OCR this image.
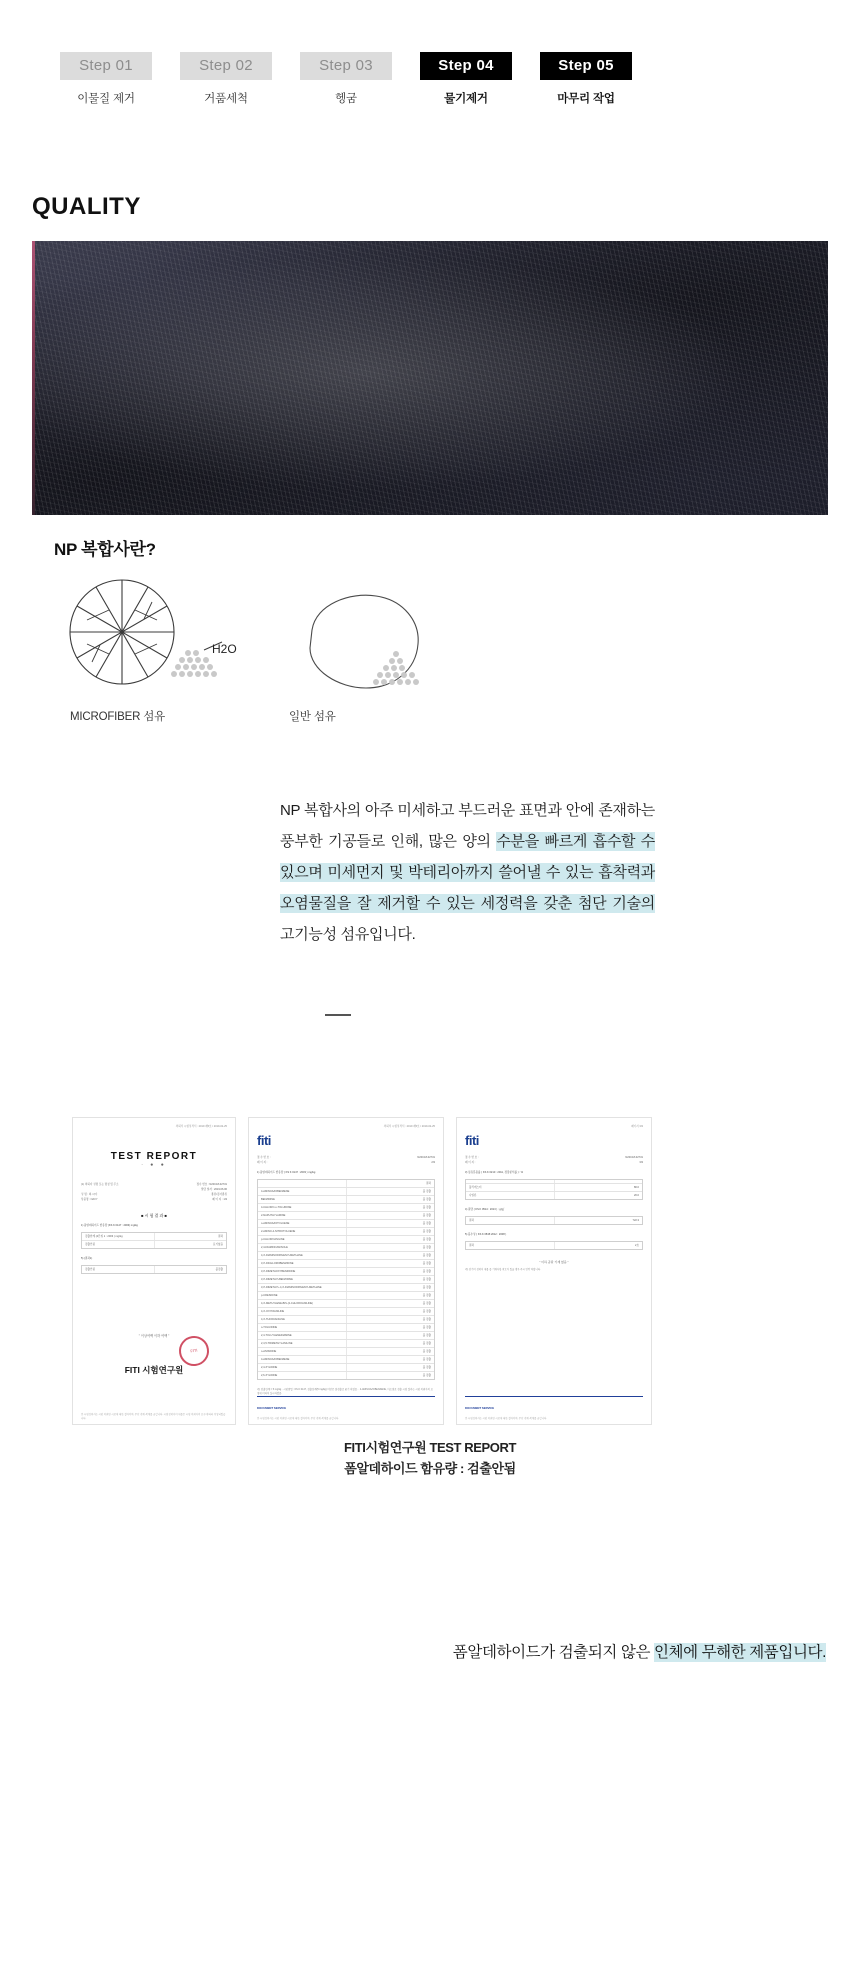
Step 01
이물질 제거
Step 02
거품세척
Step 03
헹굼
Step 04
물기제거
Step 05
마무리 작업
QUALITY
NP 복합사란?
H2O
MICROFIBER 섬유	일반 섬유
NP 복합사의 아주 미세하고 부드러운 표면과 안에 존재하는 풍부한 기공들로 인해, 많은 양의 수분을 빠르게 흡수할 수 있으며 미세먼지 및 박테리아까지 쓸어낼 수 있는 흡착력과 오염물질을 잘 제거할 수 있는 세정력을 갖춘 첨단 기술의 고기능성 섬유입니다.
의뢰서 시험성적서 : 2019 제5호 / 2019-02-25
TEST REPORT
· ● ●
(1) 의뢰자 성명 또는 명칭 및 주소	접수 번호 : N20C18-02731
발급 일자 : 2019.06.06
성 명 : 희.씨야	종류/검사종류
상품명 : NAVY	페 이 지 : 1/3
■ 시 험 결 과 ■
1) 폼알데하이드 함유량 (KS K 0147 : 2003) mg/kg
검출한계 (4단위 1 : 2003 ) mg/kg	결과
검출안됨	표기없음
5) (결과1)
검출안됨	불검출
" 이상여백 이하 여백 "
FITI 시험연구원
FITI
본 시험성적서는 시험 의뢰된 시료에 대한 결과이며, 무단 전재·복제를 금합니다. 시험성적서의 내용은 시험 의뢰자의 요구에 따라 작성되었습니다.
의뢰서 시험성적서 : 2019 제5호 / 2019-02-25
fiti
접 수 번 호 :	N20C18-02731
페 이 지 :	2/3
1) 폼알데하이드 함유량 ( KS K 0147 : 2003 ) mg/kg
결과
4-AMINOAZOBENZENE	불 검출
BENZIDINE	불 검출
4-CHLORO-o-TOLUIDINE	불 검출
2-NAPHTHYLAMINE	불 검출
o-AMINOAZOTOLUENE	불 검출
2-AMINO-4-NITROTOLUENE	불 검출
p-CHLOROANILINE	불 검출
2,4-DIAMINOANISOLE	불 검출
4,4'-DIAMINODIPHENYLMETHANE	불 검출
3,3'-DICHLOROBENZIDINE	불 검출
3,3'-DIMETHOXYBENZIDINE	불 검출
3,3'-DIMETHYLBENZIDINE	불 검출
3,3'-DIMETHYL-4,4'-DIAMINODIPHENYLMETHANE	불 검출
p-CRESIDINE	불 검출
4,4'-METHYLENE-BIS-(2-CHLOROANILINE)	불 검출
4,4'-OXYDIANILINE	불 검출
4,4'-THIODIANILINE	불 검출
o-TOLUIDINE	불 검출
2,4-TOLUYLENEDIAMINE	불 검출
2,4,5-TRIMETHYLANILINE	불 검출
o-ANISIDINE	불 검출
4-AMINOAZOBENZENE	불 검출
2,4-XYLIDINE	불 검출
2,6-XYLIDINE	불 검출
주) 검출한계 = 5 mg/kg · 시험방법 : KS K 0147, 검출한계(5 mg/kg) 미만은 불검출로 표기 하였음. · 4-AMINOAZOBENZENE, 아조염료 검출 시험 결과는 시험 의뢰자의 요청에 의하여 실시하였음.
DOCUMENT SERVICE
본 시험성적서는 시험 의뢰된 시료에 대한 결과이며, 무단 전재·복제를 금합니다.
페이지 3/3
fiti
접 수 번 호 :	N20C18-02731
페 이 지 :	3/3
3) 섬유혼용률 ( KS K 0210 : 2011, 정량분석률 ) : %
폴리에스터	80.0
나일론	20.0
4) 질량 ( KS K 0514 : 2013 ) : g/㎡
결과	722.3
5) 흡수성 ( KS K 0815:2012 : 2008 )
결과	2초
" 이하 공란 기재 없음 "
주) 상기의 성적서 내용 중 기재사항 착오가 있을 경우 즉시 연락 바랍니다.
DOCUMENT SERVICE
본 시험성적서는 시험 의뢰된 시료에 대한 결과이며, 무단 전재·복제를 금합니다.
FITI시험연구원 TEST REPORT
폼알데하이드 함유량 : 검출안됨
폼알데하이드가 검출되지 않은 인체에 무해한 제품입니다.
